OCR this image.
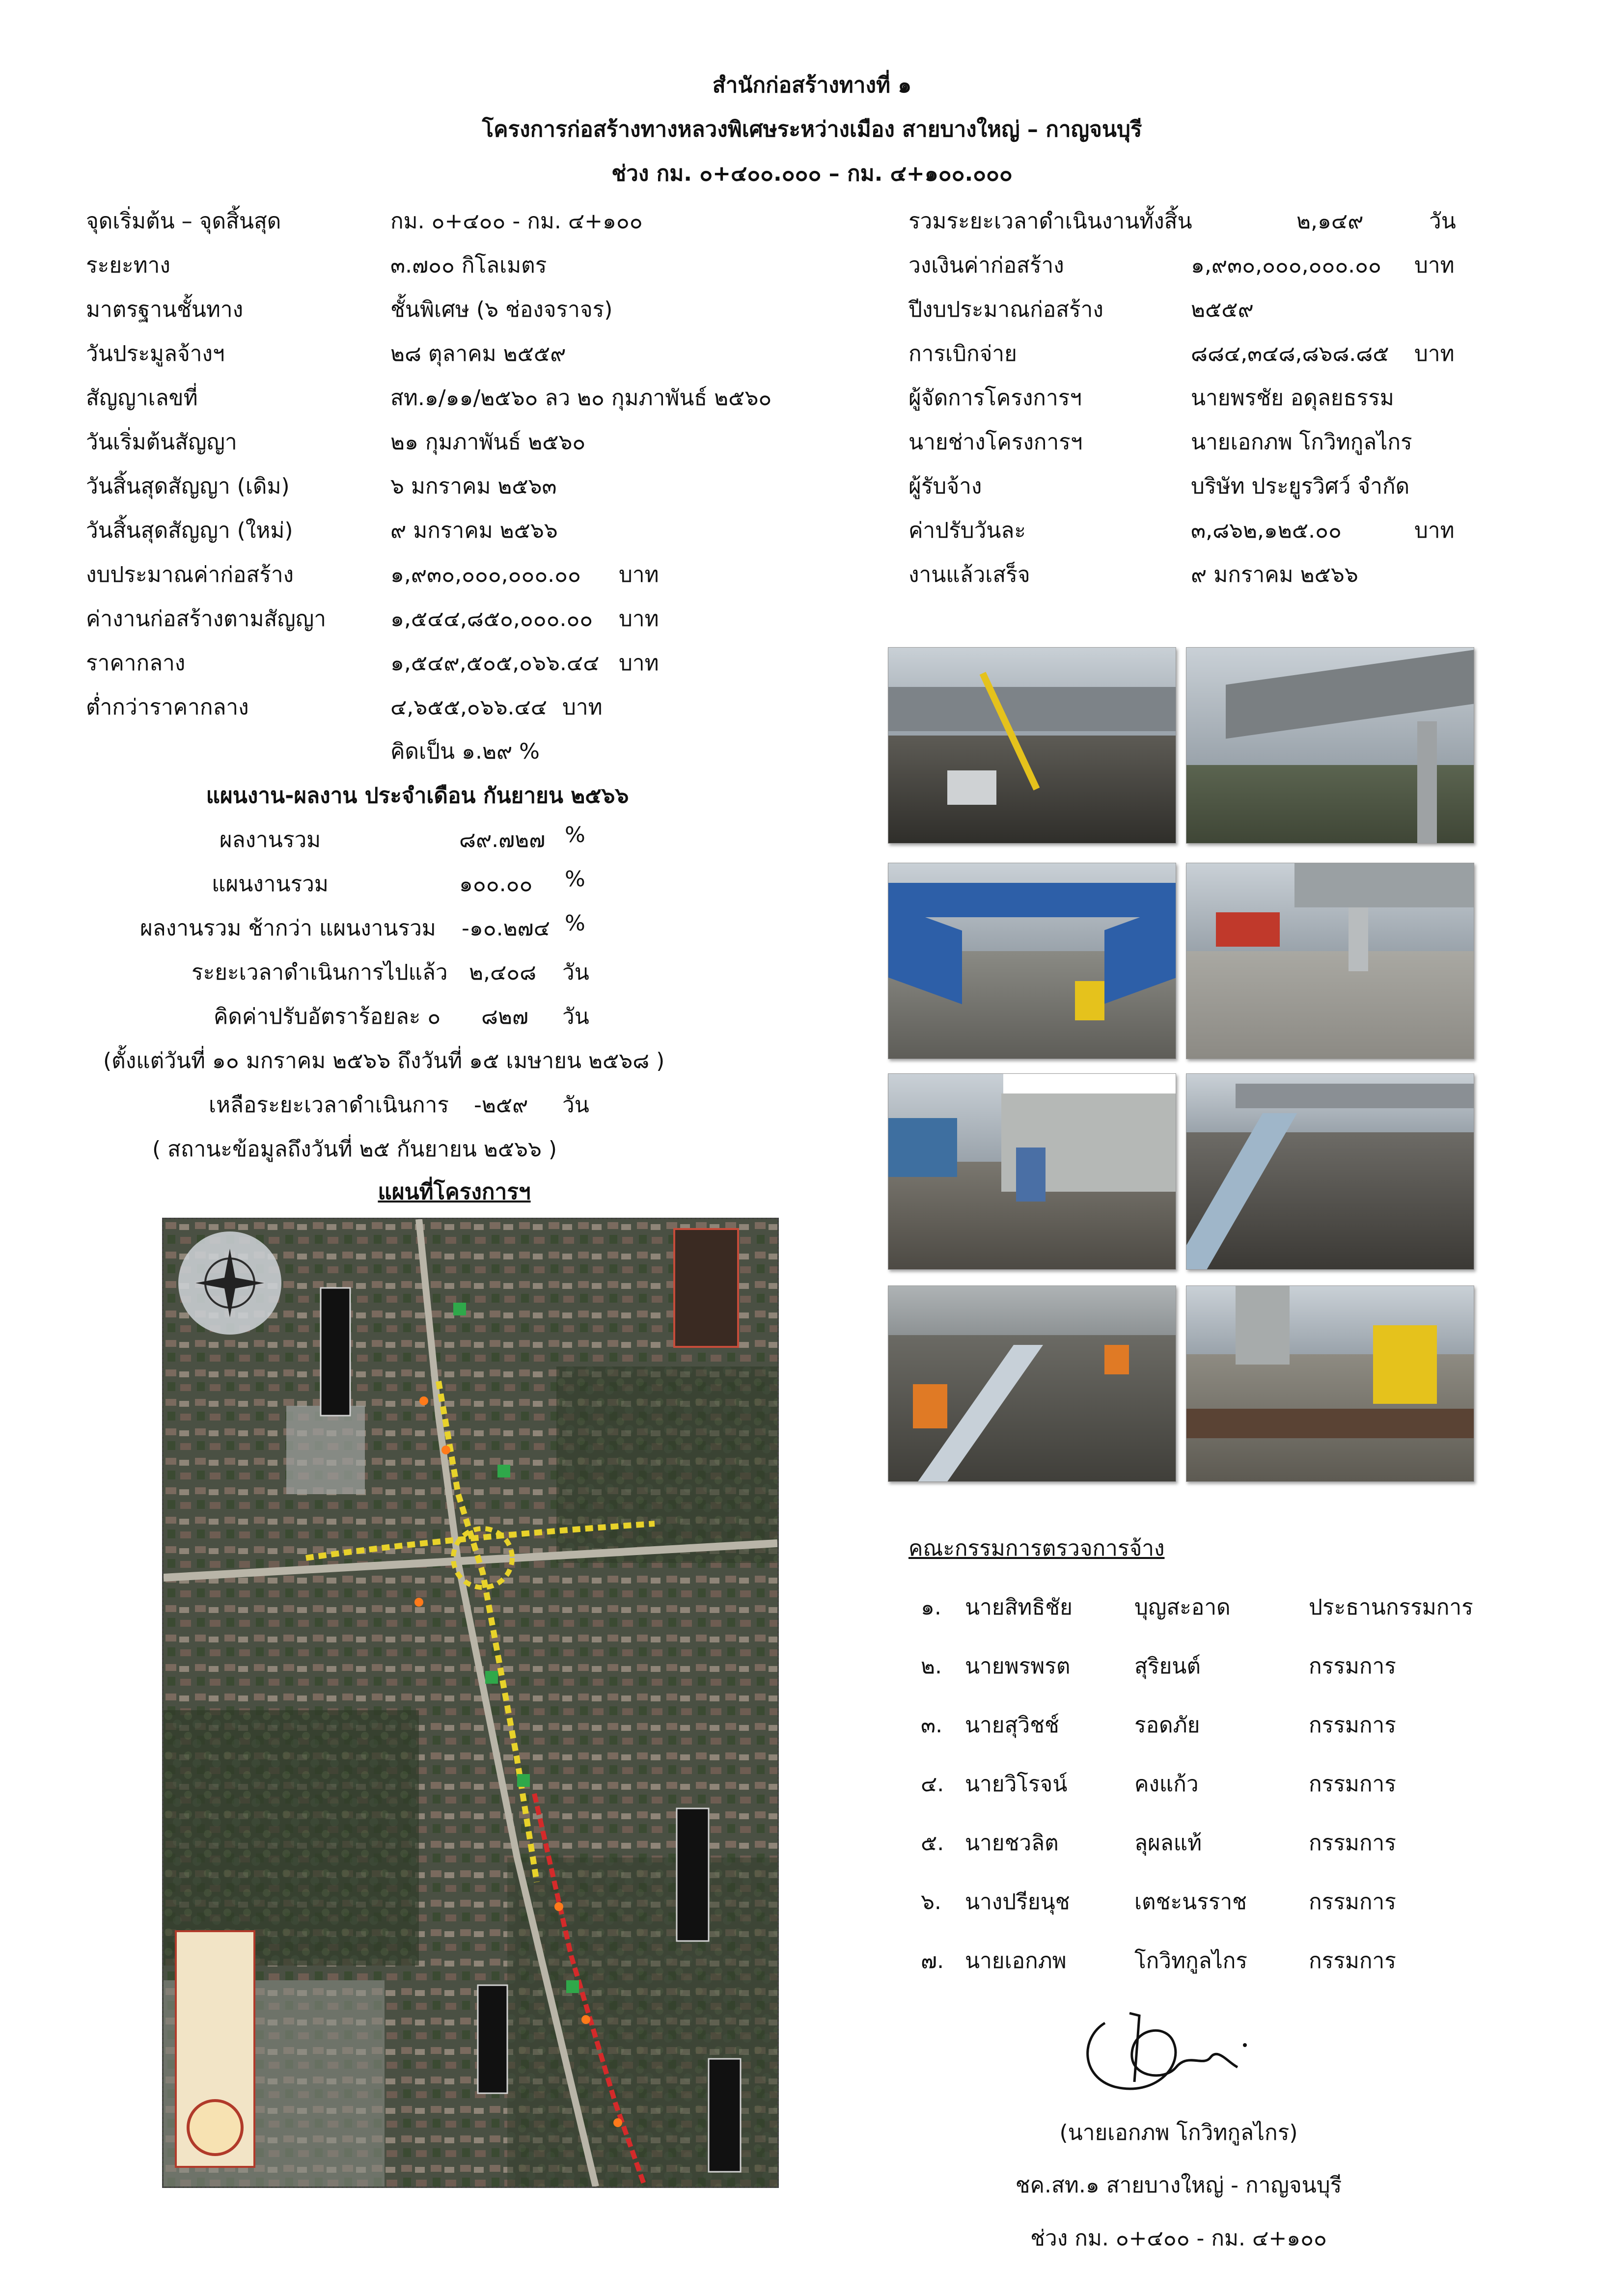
สำนักก่อสร้างทางที่ ๑
โครงการก่อสร้างทางหลวงพิเศษระหว่างเมือง สายบางใหญ่ – กาญจนบุรี
ช่วง กม. ๐+๔๐๐.๐๐๐ – กม. ๔+๑๐๐.๐๐๐
จุดเริ่มต้น – จุดสิ้นสุด	กม. ๐+๔๐๐ - กม. ๔+๑๐๐
ระยะทาง	๓.๗๐๐ กิโลเมตร
มาตรฐานชั้นทาง	ชั้นพิเศษ (๖ ช่องจราจร)
วันประมูลจ้างฯ	๒๘ ตุลาคม ๒๕๕๙
สัญญาเลขที่	สท.๑/๑๑/๒๕๖๐ ลว ๒๐ กุมภาพันธ์ ๒๕๖๐
วันเริ่มต้นสัญญา	๒๑ กุมภาพันธ์ ๒๕๖๐
วันสิ้นสุดสัญญา (เดิม)	๖ มกราคม ๒๕๖๓
วันสิ้นสุดสัญญา (ใหม่)	๙ มกราคม ๒๕๖๖
งบประมาณค่าก่อสร้าง	๑,๙๓๐,๐๐๐,๐๐๐.๐๐ บาท
ค่างานก่อสร้างตามสัญญา	๑,๕๔๔,๘๕๐,๐๐๐.๐๐ บาท
ราคากลาง	๑,๕๔๙,๕๐๕,๐๖๖.๔๔ บาท
ต่ำกว่าราคากลาง	๔,๖๕๕,๐๖๖.๔๔ บาท
คิดเป็น ๑.๒๙ %
รวมระยะเวลาดำเนินงานทั้งสิ้น	๒,๑๔๙	วัน
วงเงินค่าก่อสร้าง	๑,๙๓๐,๐๐๐,๐๐๐.๐๐ บาท
ปีงบประมาณก่อสร้าง	๒๕๕๙
การเบิกจ่าย	๘๘๔,๓๔๘,๘๖๘.๘๕ บาท
ผู้จัดการโครงการฯ	นายพรชัย อดุลยธรรม
นายช่างโครงการฯ	นายเอกภพ โกวิทกูลไกร
ผู้รับจ้าง	บริษัท ประยูรวิศว์ จำกัด
ค่าปรับวันละ	๓,๘๖๒,๑๒๕.๐๐	บาท
งานแล้วเสร็จ	๙ มกราคม ๒๕๖๖
แผนงาน-ผลงาน ประจำเดือน กันยายน ๒๕๖๖
ผลงานรวม	๘๙.๗๒๗ %
แผนงานรวม	๑๐๐.๐๐ %
ผลงานรวม ช้ากว่า แผนงานรวม -๑๐.๒๗๔ %
ระยะเวลาดำเนินการไปแล้ว ๒,๔๐๘ วัน
คิดค่าปรับอัตราร้อยละ ๐ ๘๒๗ วัน
(ตั้งแต่วันที่ ๑๐ มกราคม ๒๕๖๖ ถึงวันที่ ๑๕ เมษายน ๒๕๖๘ )
เหลือระยะเวลาดำเนินการ -๒๕๙ วัน
( สถานะข้อมูลถึงวันที่ ๒๕ กันยายน ๒๕๖๖ )
แผนที่โครงการฯ
คณะกรรมการตรวจการจ้าง
๑. นายสิทธิชัย	บุญสะอาด	ประธานกรรมการ
๒. นายพรพรต	สุริยนต์	กรรมการ
๓. นายสุวิชช์	รอดภัย	กรรมการ
๔. นายวิโรจน์	คงแก้ว	กรรมการ
๕. นายชวลิต	ลุผลแท้	กรรมการ
๖. นางปรียนุช	เตชะนรราช	กรรมการ
๗. นายเอกภพ	โกวิทกูลไกร	กรรมการ
(นายเอกภพ โกวิทกูลไกร)
ชค.สท.๑ สายบางใหญ่ - กาญจนบุรี
ช่วง กม. ๐+๔๐๐ - กม. ๔+๑๐๐
